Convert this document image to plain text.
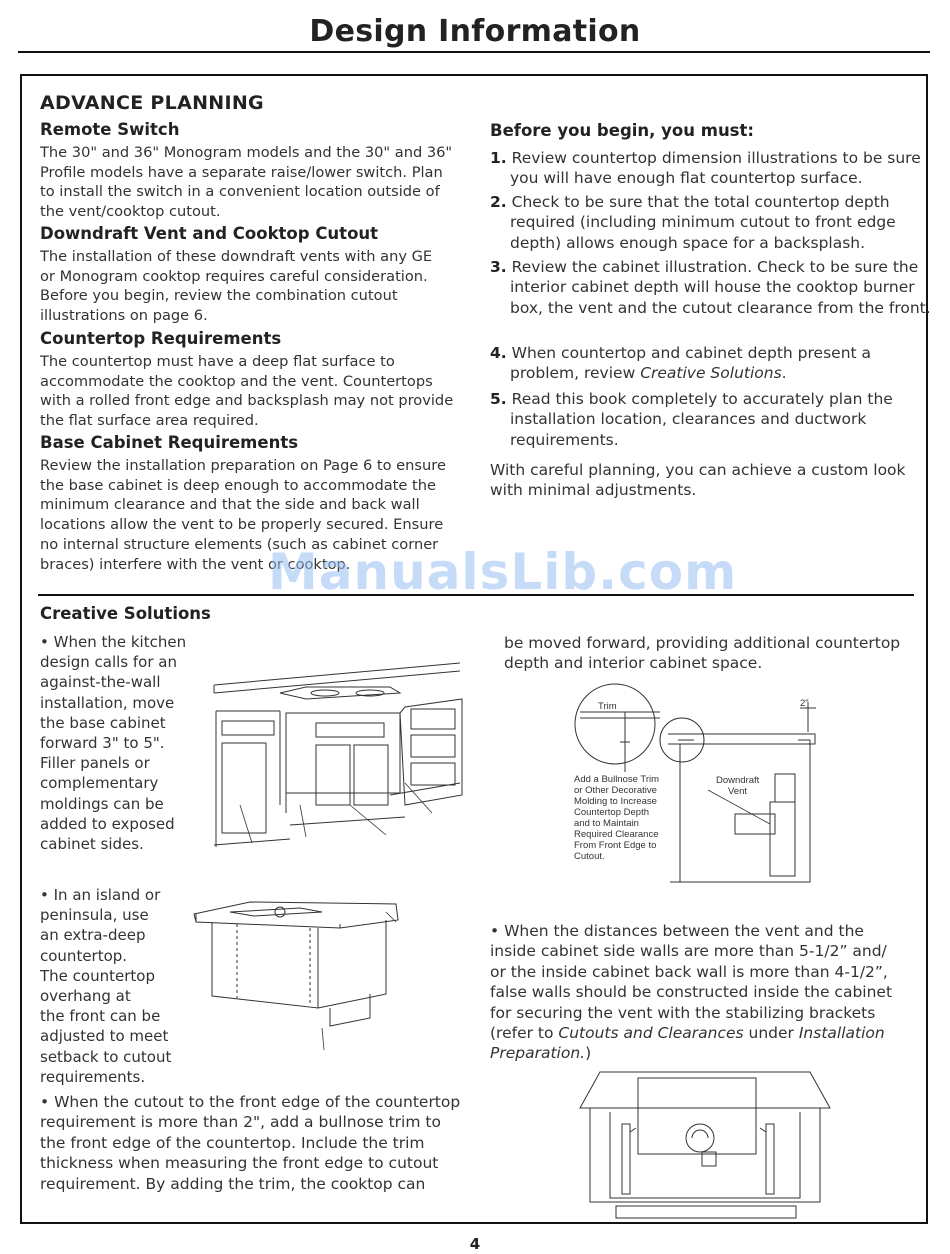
Design Information
ADVANCE PLANNING
Remote Switch
The 30" and 36" Monogram models and the 30" and 36"
Profile models have a separate raise/lower switch. Plan
to install the switch in a convenient location outside of
the vent/cooktop cutout.
Downdraft Vent and Cooktop Cutout
The installation of these downdraft vents with any GE
or Monogram cooktop requires careful consideration.
Before you begin, review the combination cutout
illustrations on page 6.
Countertop Requirements
The countertop must have a deep flat surface to
accommodate the cooktop and the vent. Countertops
with a rolled front edge and backsplash may not provide
the flat surface area required.
Base Cabinet Requirements
Review the installation preparation on Page 6 to ensure
the base cabinet is deep enough to accommodate the
minimum clearance and that the side and back wall
locations allow the vent to be properly secured. Ensure
no internal structure elements (such as cabinet corner
braces) interfere with the vent or cooktop.
Before you begin, you must:
1. Review countertop dimension illustrations to be sure you will have enough flat countertop surface.
2. Check to be sure that the total countertop depth required (including minimum cutout to front edge depth) allows enough space for a backsplash.
3. Review the cabinet illustration. Check to be sure the interior cabinet depth will house the cooktop burner box, the vent and the cutout clearance from the front.
4. When countertop and cabinet depth present a problem, review Creative Solutions.
5. Read this book completely to accurately plan the installation location, clearances and ductwork requirements.
With careful planning, you can achieve a custom look with minimal adjustments.
ManualsLib.com
Creative Solutions
• When the kitchen
design calls for an
against-the-wall
installation, move
the base cabinet
forward 3" to 5".
Filler panels or
complementary
moldings can be
added to exposed
cabinet sides.
• In an island or
peninsula, use
an extra-deep
countertop.
The countertop
overhang at
the front can be
adjusted to meet
setback to cutout
requirements.
• When the cutout to the front edge of the countertop
requirement is more than 2", add a bullnose trim to
the front edge of the countertop. Include the trim
thickness when measuring the front edge to cutout
requirement. By adding the trim, the cooktop can
be moved forward, providing additional countertop
depth and interior cabinet space.
• When the distances between the vent and the
inside cabinet side walls are more than 5-1/2” and/
or the inside cabinet back wall is more than 4-1/2”,
false walls should be constructed inside the cabinet
for securing the vent with the stabilizing brackets
(refer to Cutouts and Clearances under Installation
Preparation.)
Trim	2"
Downdraft
Vent
Add a Bullnose Trim
or Other Decorative
Molding to Increase
Countertop Depth
and to Maintain
Required Clearance
From Front Edge to
Cutout.
4
